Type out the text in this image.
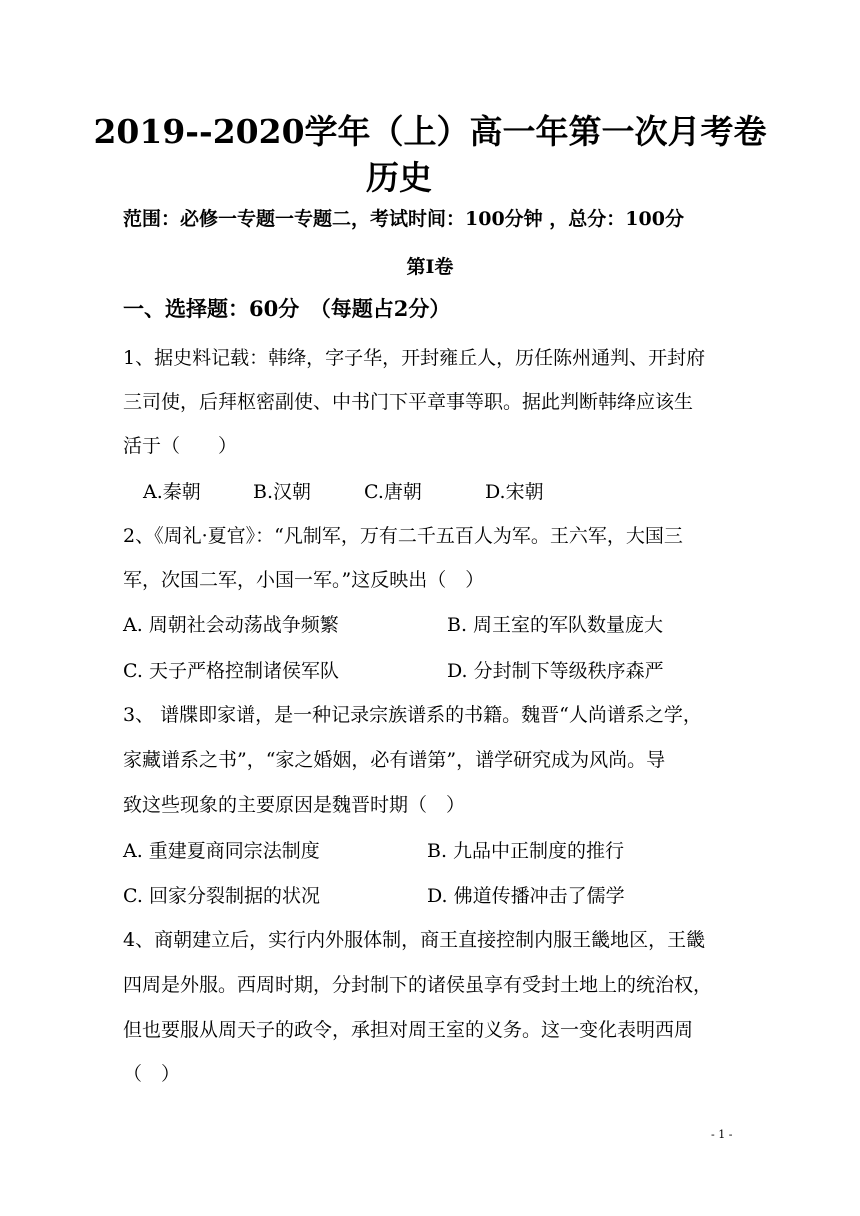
2019--2020学年（上）高一年第一次月考卷
历史
范围：必修一专题一专题二，考试时间：100分钟 ，总分：100分
第Ⅰ卷
一、选择题：60分　（每题占2分）
1、据史料记载：韩绛，字子华，开封雍丘人，历任陈州通判、开封府
三司使，后拜枢密副使、中书门下平章事等职。据此判断韩绛应该生
活于（　　）
A.秦朝	B.汉朝	C.唐朝	D.宋朝
2、《周礼·夏官》：“凡制军，万有二千五百人为军。王六军，大国三
军，次国二军，小国一军。”这反映出（　）
A. 周朝社会动荡战争频繁	B. 周王室的军队数量庞大
C. 天子严格控制诸侯军队	D. 分封制下等级秩序森严
3、 谱牒即家谱，是一种记录宗族谱系的书籍。魏晋“人尚谱系之学，
家藏谱系之书”，“家之婚姻，必有谱第”，谱学研究成为风尚。导
致这些现象的主要原因是魏晋时期（　）
A. 重建夏商同宗法制度	B. 九品中正制度的推行
C. 回家分裂制据的状况	D. 佛道传播冲击了儒学
4、商朝建立后，实行内外服体制，商王直接控制内服王畿地区，王畿
四周是外服。西周时期，分封制下的诸侯虽享有受封土地上的统治权，
但也要服从周天子的政令，承担对周王室的义务。这一变化表明西周
（　）
- 1 -
